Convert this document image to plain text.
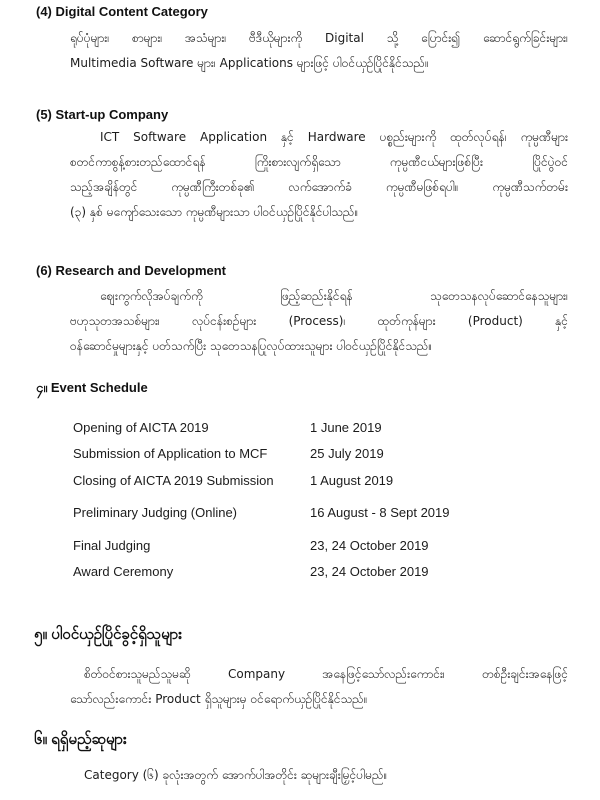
(4) Digital Content Category
ရုပ်ပုံများ၊ စာများ၊ အသံများ၊ ဗီဒီယိုများကို Digital သို့ ပြောင်း၍ ဆောင်ရွက်ခြင်းများ၊
Multimedia Software များ၊ Applications များဖြင့် ပါဝင်ယှဉ်ပြိုင်နိုင်သည်။
(5) Start-up Company
ICT Software Application နှင့် Hardware ပစ္စည်းများကို ထုတ်လုပ်ရန်၊ ကုမ္ပဏီများ
စတင်ကာစွန့်စားတည်ထောင်ရန် ကြိုးစားလျက်ရှိသော ကုမ္ပဏီငယ်များဖြစ်ပြီး ပြိုင်ပွဲဝင်
သည့်အချိန်တွင် ကုမ္ပဏီကြီးတစ်ခု၏ လက်အောက်ခံ ကုမ္ပဏီမဖြစ်ရပါ။ ကုမ္ပဏီသက်တမ်း
(၃) နှစ် မကျော်သေးသော ကုမ္ပဏီများသာ ပါဝင်ယှဉ်ပြိုင်နိုင်ပါသည်။
(6) Research and Development
ဈေးကွက်လိုအပ်ချက်ကို ဖြည့်ဆည်းနိုင်ရန် သုတေသနလုပ်ဆောင်နေသူများ၊
ဗဟုသုတအသစ်များ၊ လုပ်ငန်းစဉ်များ (Process)၊ ထုတ်ကုန်များ (Product) နှင့်
ဝန်ဆောင်မှုများနှင့် ပတ်သက်ပြီး သုတေသနပြုလုပ်ထားသူများ ပါဝင်ယှဉ်ပြိုင်နိုင်သည်။
၄။ Event Schedule
Opening of AICTA 2019	1 June 2019
Submission of Application to MCF	25 July 2019
Closing of AICTA 2019 Submission	1 August 2019
Preliminary Judging (Online)	16 August - 8 Sept 2019
Final Judging	23, 24 October 2019
Award Ceremony	23, 24 October 2019
၅။ ပါဝင်ယှဉ်ပြိုင်ခွင့်ရှိသူများ
စိတ်ဝင်စားသူမည်သူမဆို Company အနေဖြင့်သော်လည်းကောင်း၊ တစ်ဦးချင်းအနေဖြင့်
သော်လည်းကောင်း Product ရှိသူများမှ ဝင်ရောက်ယှဉ်ပြိုင်နိုင်သည်။
၆။ ရရှိမည့်ဆုများ
Category (၆) ခုလုံးအတွက် အောက်ပါအတိုင်း ဆုများချီးမြှင့်ပါမည်။
